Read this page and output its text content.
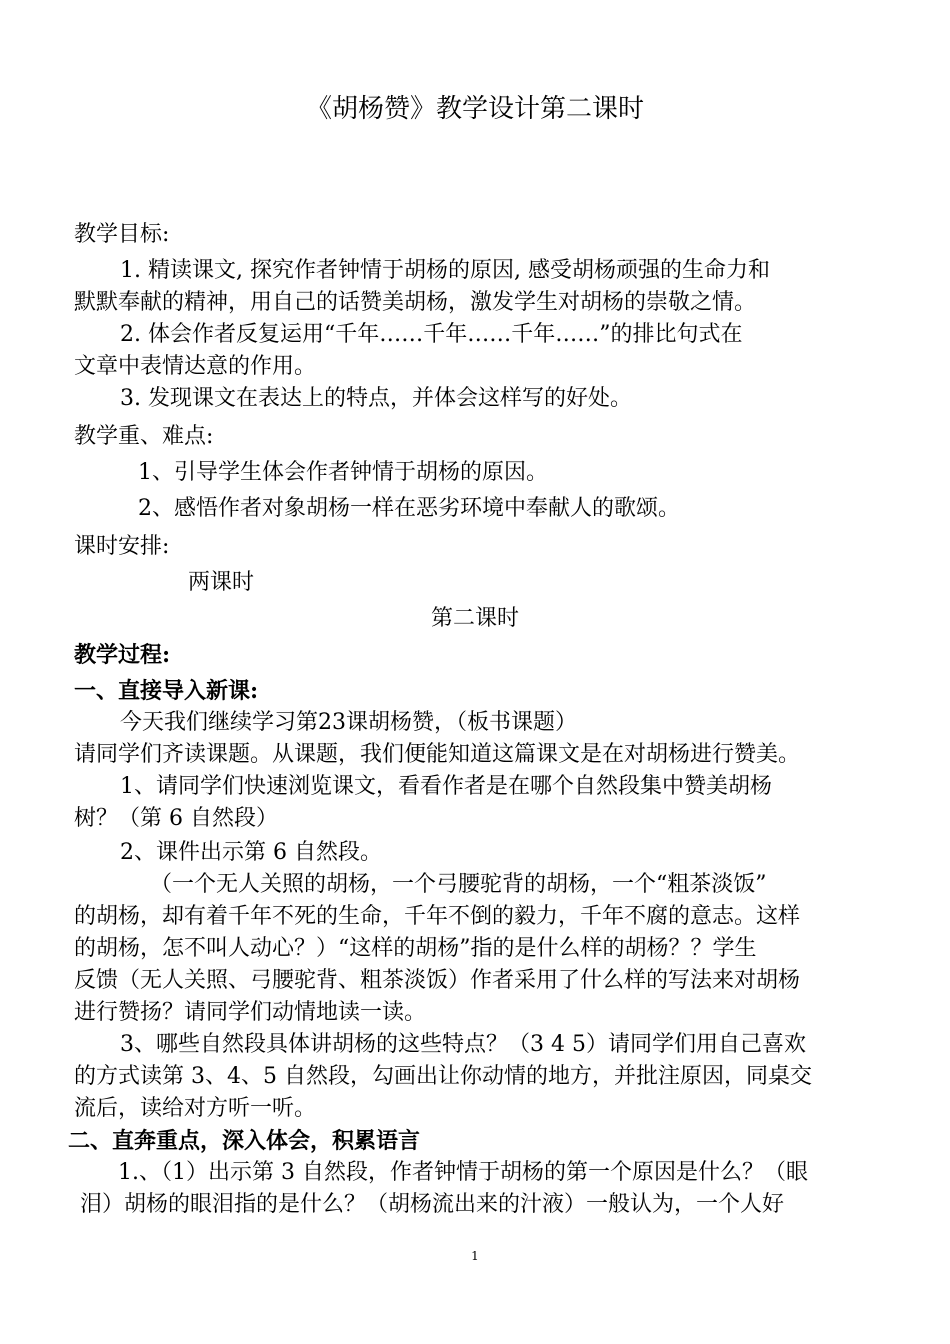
《胡杨赞》教学设计第二课时
教学目标:
1. 精读课文, 探究作者钟情于胡杨的原因, 感受胡杨顽强的生命力和
默默奉献的精神，用自己的话赞美胡杨，激发学生对胡杨的崇敬之情。
2. 体会作者反复运用“千年……千年……千年……”的排比句式在
文章中表情达意的作用。
3. 发现课文在表达上的特点，并体会这样写的好处。
教学重、难点:
1、引导学生体会作者钟情于胡杨的原因。
2、感悟作者对象胡杨一样在恶劣环境中奉献人的歌颂。
课时安排:
两课时
第二课时
教学过程:
一、直接导入新课:
今天我们继续学习第23课胡杨赞，（板书课题）
请同学们齐读课题。从课题，我们便能知道这篇课文是在对胡杨进行赞美。
1、请同学们快速浏览课文，看看作者是在哪个自然段集中赞美胡杨
树？（第 6 自然段）
2、课件出示第 6 自然段。
（一个无人关照的胡杨，一个弓腰驼背的胡杨，一个“粗茶淡饭”
的胡杨，却有着千年不死的生命，千年不倒的毅力，千年不腐的意志。这样
的胡杨，怎不叫人动心？）“这样的胡杨”指的是什么样的胡杨？？学生
反馈（无人关照、弓腰驼背、粗茶淡饭）作者采用了什么样的写法来对胡杨
进行赞扬？请同学们动情地读一读。
3、哪些自然段具体讲胡杨的这些特点？（3 4 5）请同学们用自己喜欢
的方式读第 3、4、5 自然段，勾画出让你动情的地方，并批注原因，同桌交
流后，读给对方听一听。
二、直奔重点，深入体会，积累语言
1.、（1）出示第 3 自然段，作者钟情于胡杨的第一个原因是什么？（眼
泪）胡杨的眼泪指的是什么？（胡杨流出来的汁液）一般认为，一个人好
1
